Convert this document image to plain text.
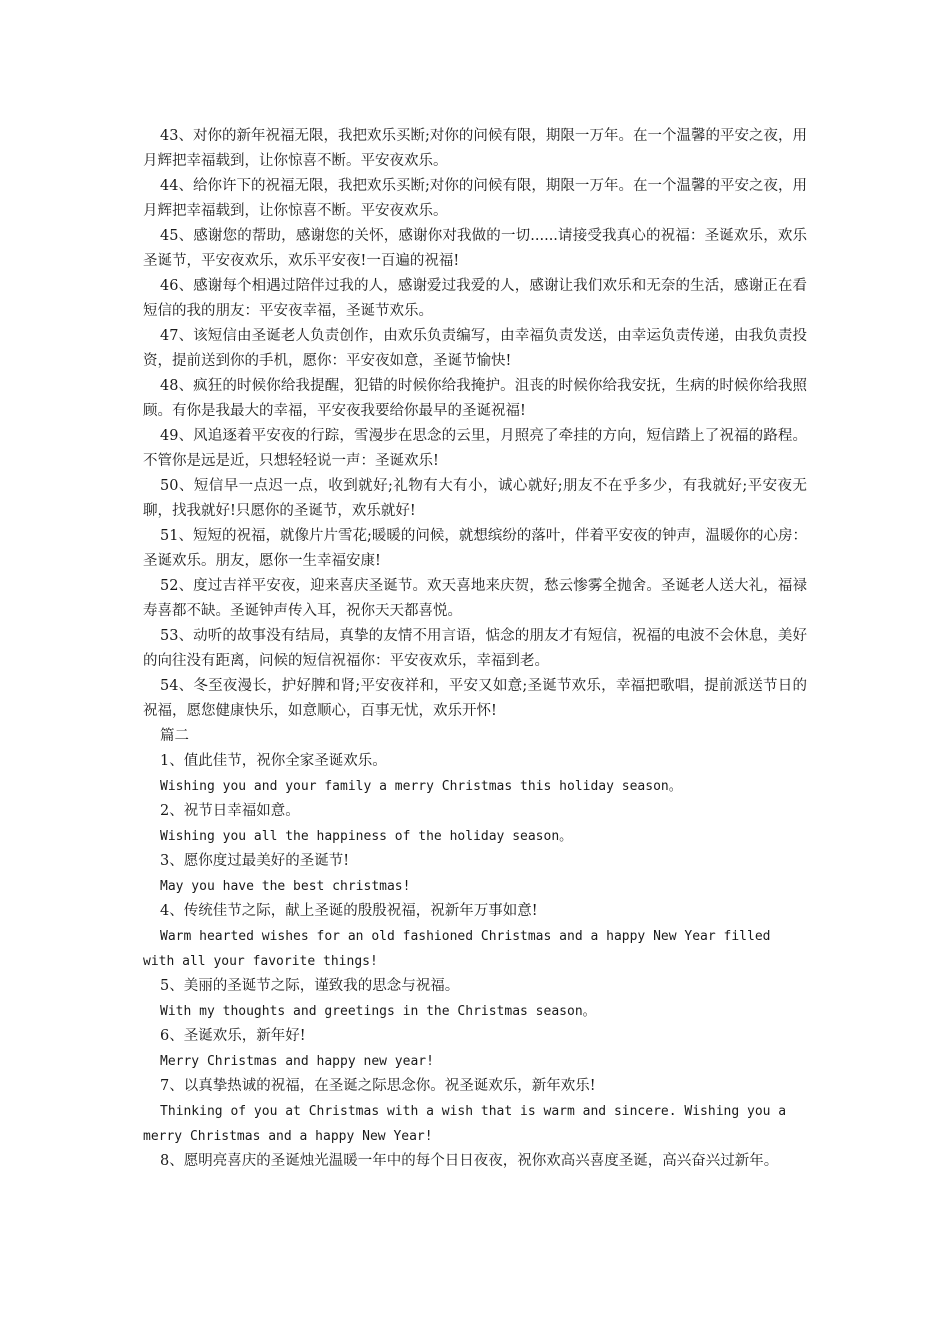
43、对你的新年祝福无限，我把欢乐买断;对你的问候有限，期限一万年。在一个温馨的平安之夜，用月辉把幸福载到，让你惊喜不断。平安夜欢乐。

44、给你许下的祝福无限，我把欢乐买断;对你的问候有限，期限一万年。在一个温馨的平安之夜，用月辉把幸福载到，让你惊喜不断。平安夜欢乐。

45、感谢您的帮助，感谢您的关怀，感谢你对我做的一切......请接受我真心的祝福：圣诞欢乐，欢乐圣诞节，平安夜欢乐，欢乐平安夜!一百遍的祝福!

46、感谢每个相遇过陪伴过我的人，感谢爱过我爱的人，感谢让我们欢乐和无奈的生活，感谢正在看短信的我的朋友：平安夜幸福，圣诞节欢乐。

47、该短信由圣诞老人负责创作，由欢乐负责编写，由幸福负责发送，由幸运负责传递，由我负责投资，提前送到你的手机，愿你：平安夜如意，圣诞节愉快!

48、疯狂的时候你给我提醒，犯错的时候你给我掩护。沮丧的时候你给我安抚，生病的时候你给我照顾。有你是我最大的幸福，平安夜我要给你最早的圣诞祝福!

49、风追逐着平安夜的行踪，雪漫步在思念的云里，月照亮了牵挂的方向，短信踏上了祝福的路程。不管你是远是近，只想轻轻说一声：圣诞欢乐!

50、短信早一点迟一点，收到就好;礼物有大有小，诚心就好;朋友不在乎多少，有我就好;平安夜无聊，找我就好!只愿你的圣诞节，欢乐就好!

51、短短的祝福，就像片片雪花;暖暖的问候，就想缤纷的落叶，伴着平安夜的钟声，温暖你的心房：圣诞欢乐。朋友，愿你一生幸福安康!

52、度过吉祥平安夜，迎来喜庆圣诞节。欢天喜地来庆贺，愁云惨雾全抛舍。圣诞老人送大礼，福禄寿喜都不缺。圣诞钟声传入耳，祝你天天都喜悦。

53、动听的故事没有结局，真挚的友情不用言语，惦念的朋友才有短信，祝福的电波不会休息，美好的向往没有距离，问候的短信祝福你：平安夜欢乐，幸福到老。

54、冬至夜漫长，护好脾和肾;平安夜祥和，平安又如意;圣诞节欢乐，幸福把歌唱，提前派送节日的祝福，愿您健康快乐，如意顺心，百事无忧，欢乐开怀!

篇二

1、值此佳节，祝你全家圣诞欢乐。

Wishing you and your family a merry Christmas this holiday season。

2、祝节日幸福如意。

Wishing you all the happiness of the holiday season。

3、愿你度过最美好的圣诞节!

May you have the best christmas!

4、传统佳节之际，献上圣诞的殷殷祝福，祝新年万事如意!

Warm hearted wishes for an old fashioned Christmas and a happy New Year filled with all your favorite things!

5、美丽的圣诞节之际，谨致我的思念与祝福。

With my thoughts and greetings in the Christmas season。

6、圣诞欢乐，新年好!

Merry Christmas and happy new year!

7、以真挚热诚的祝福，在圣诞之际思念你。祝圣诞欢乐，新年欢乐!

Thinking of you at Christmas with a wish that is warm and sincere. Wishing you a merry Christmas and a happy New Year!

8、愿明亮喜庆的圣诞烛光温暖一年中的每个日日夜夜，祝你欢高兴喜度圣诞，高兴奋兴过新年。
